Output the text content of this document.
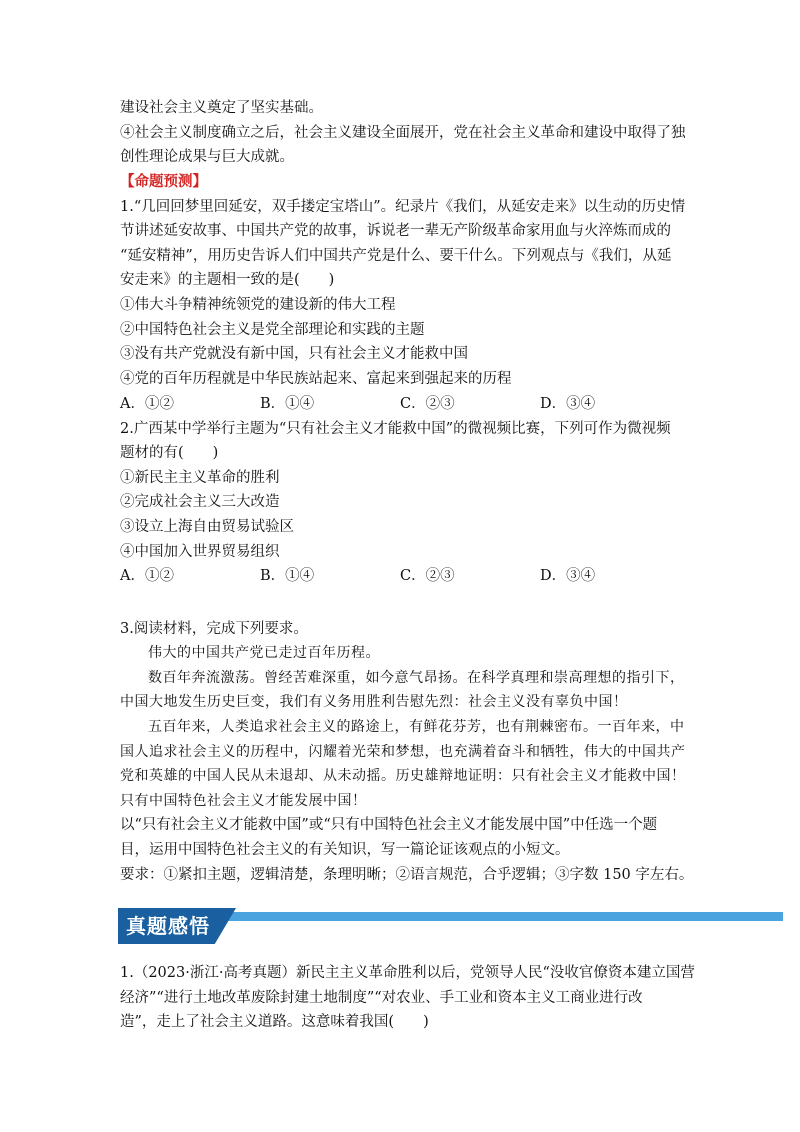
建设社会主义奠定了坚实基础。
④社会主义制度确立之后，社会主义建设全面展开，党在社会主义革命和建设中取得了独
创性理论成果与巨大成就。
【命题预测】
1.“几回回梦里回延安，双手搂定宝塔山”。纪录片《我们，从延安走来》以生动的历史情
节讲述延安故事、中国共产党的故事，诉说老一辈无产阶级革命家用血与火淬炼而成的
“延安精神”，用历史告诉人们中国共产党是什么、要干什么。下列观点与《我们，从延
安走来》的主题相一致的是(　　)
①伟大斗争精神统领党的建设新的伟大工程
②中国特色社会主义是党全部理论和实践的主题
③没有共产党就没有新中国，只有社会主义才能救中国
④党的百年历程就是中华民族站起来、富起来到强起来的历程
A．①②	B．①④	C．②③	D．③④
2.广西某中学举行主题为“只有社会主义才能救中国”的微视频比赛，下列可作为微视频
题材的有(　　)
①新民主主义革命的胜利
②完成社会主义三大改造
③设立上海自由贸易试验区
④中国加入世界贸易组织
A．①②	B．①④	C．②③	D．③④
3.阅读材料，完成下列要求。
伟大的中国共产党已走过百年历程。
数百年奔流激荡。曾经苦难深重，如今意气昂扬。在科学真理和崇高理想的指引下，
中国大地发生历史巨变，我们有义务用胜利告慰先烈：社会主义没有辜负中国！
五百年来，人类追求社会主义的路途上，有鲜花芬芳，也有荆棘密布。一百年来，中
国人追求社会主义的历程中，闪耀着光荣和梦想，也充满着奋斗和牺牲，伟大的中国共产
党和英雄的中国人民从未退却、从未动摇。历史雄辩地证明：只有社会主义才能救中国！
只有中国特色社会主义才能发展中国！
以“只有社会主义才能救中国”或“只有中国特色社会主义才能发展中国”中任选一个题
目，运用中国特色社会主义的有关知识，写一篇论证该观点的小短文。
要求：①紧扣主题，逻辑清楚，条理明晰；②语言规范，合乎逻辑；③字数 150 字左右。
真题感悟
1.（2023·浙江·高考真题）新民主主义革命胜利以后，党领导人民“没收官僚资本建立国营
经济”“进行土地改革废除封建土地制度”“对农业、手工业和资本主义工商业进行改
造”，走上了社会主义道路。这意味着我国(　　)
